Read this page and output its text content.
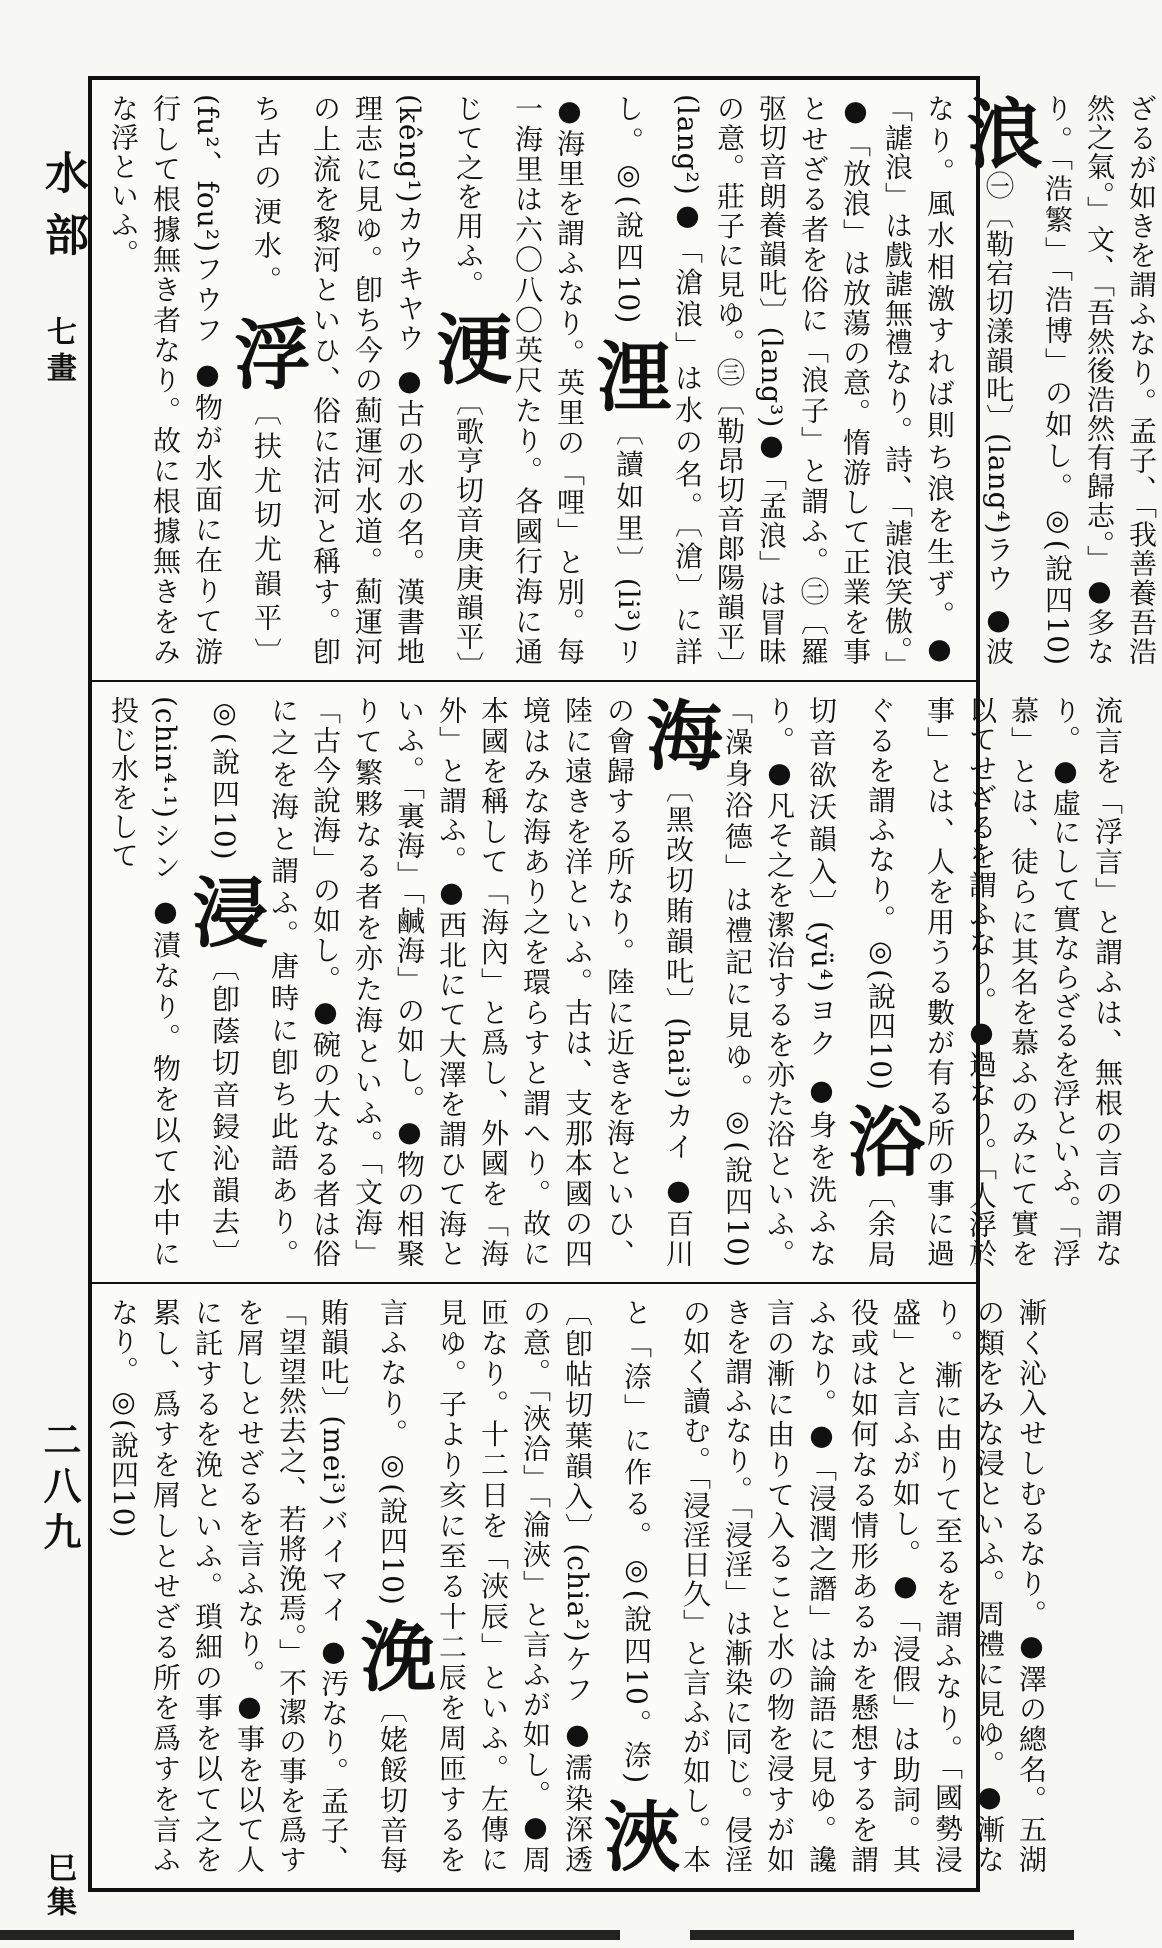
水部
七畫
二八九
巳集
ざるが如きを謂ふなり。孟子、「我善養吾浩然之氣。」文、「吾然後浩然有歸志。」●多なり。「浩繁」「浩博」の如し。◎(說四10) 浪㊀〔勒宕切漾韻𠮟〕(lang⁴)ラウ ●波なり。風水相激すれば則ち浪を生ず。●「謔浪」は戲謔無禮なり。詩、「謔浪笑傲。」●「放浪」は放蕩の意。惰游して正業を事とせざる者を俗に「浪子」と謂ふ。㊁〔羅𫸩切音朗養韻𠮟〕(lang³)●「孟浪」は冒昧の意。莊子に見ゆ。㊂〔勒昂切音郞陽韻平〕(lang²)●「滄浪」は水の名。〔滄〕に詳し。◎(說四10) 浬〔讀如里〕(li³)リ ●海里を謂ふなり。英里の「哩」と別。每一海里は六〇八〇英尺たり。各國行海に通じて之を用ふ。 浭〔歌亨切音庚庚韻平〕(kêng¹)カウキヤウ ●古の水の名。漢書地理志に見ゆ。卽ち今の薊運河水道。薊運河の上流を黎河といひ、俗に沽河と稱す。卽ち古の浭水。 浮〔扶尤切尤韻平〕(fu²、fou²)フウフ ●物が水面に在りて游行して根據無き者なり。故に根據無きをみな浮といふ。
流言を「浮言」と謂ふは、無根の言の謂なり。●虛にして實ならざるを浮といふ。「浮慕」とは、徒らに其名を慕ふのみにて實を以てせざるを謂ふなり。●過なり。「人浮於事」とは、人を用うる數が有る所の事に過ぐるを謂ふなり。◎(說四10) 浴〔余局切音欲沃韻入〕(yü⁴)ヨク ●身を洗ふなり。●凡そ之を潔治するを亦た浴といふ。「澡身浴德」は禮記に見ゆ。◎(說四10) 海〔黑改切賄韻𠮟〕(hai³)カイ ●百川の會歸する所なり。陸に近きを海といひ、陸に遠きを洋といふ。古は、支那本國の四境はみな海あり之を環らすと謂へり。故に本國を稱して「海內」と爲し、外國を「海外」と謂ふ。●西北にて大澤を謂ひて海といふ。「裏海」「鹹海」の如し。●物の相聚りて繁夥なる者を亦た海といふ。「文海」「古今說海」の如し。●碗の大なる者は俗に之を海と謂ふ。唐時に卽ち此語あり。◎(說四10) 浸〔卽蔭切音鋟沁韻去〕(chin⁴·¹)シン ●漬なり。物を以て水中に投じ水をして
漸く沁入せしむるなり。●澤の總名。五湖の類をみな浸といふ。周禮に見ゆ。●漸なり。漸に由りて至るを謂ふなり。「國勢浸盛」と言ふが如し。●「浸假」は助詞。其役或は如何なる情形あるかを懸想するを謂ふなり。●「浸潤之譖」は論語に見ゆ。讒言の漸に由りて入ること水の物を浸すが如きを謂ふなり。「浸淫」は漸染に同じ。侵淫の如く讀む。「浸淫日久」と言ふが如し。本と「㴎」に作る。◎(說四10。㴎) 浹〔卽帖切葉韻入〕(chia²)ケフ ●濡染深透の意。「浹洽」「淪浹」と言ふが如し。●周匝なり。十二日を「浹辰」といふ。左傳に見ゆ。子より亥に至る十二辰を周匝するを言ふなり。◎(說四10) 浼〔姥餒切音每賄韻𠮟〕(mei³)バイマイ ●汚なり。孟子、「望望然去之、若將浼焉。」不潔の事を爲すを屑しとせざるを言ふなり。●事を以て人に託するを浼といふ。瑣細の事を以て之を累し、爲すを屑しとせざる所を爲すを言ふなり。◎(說四10)
